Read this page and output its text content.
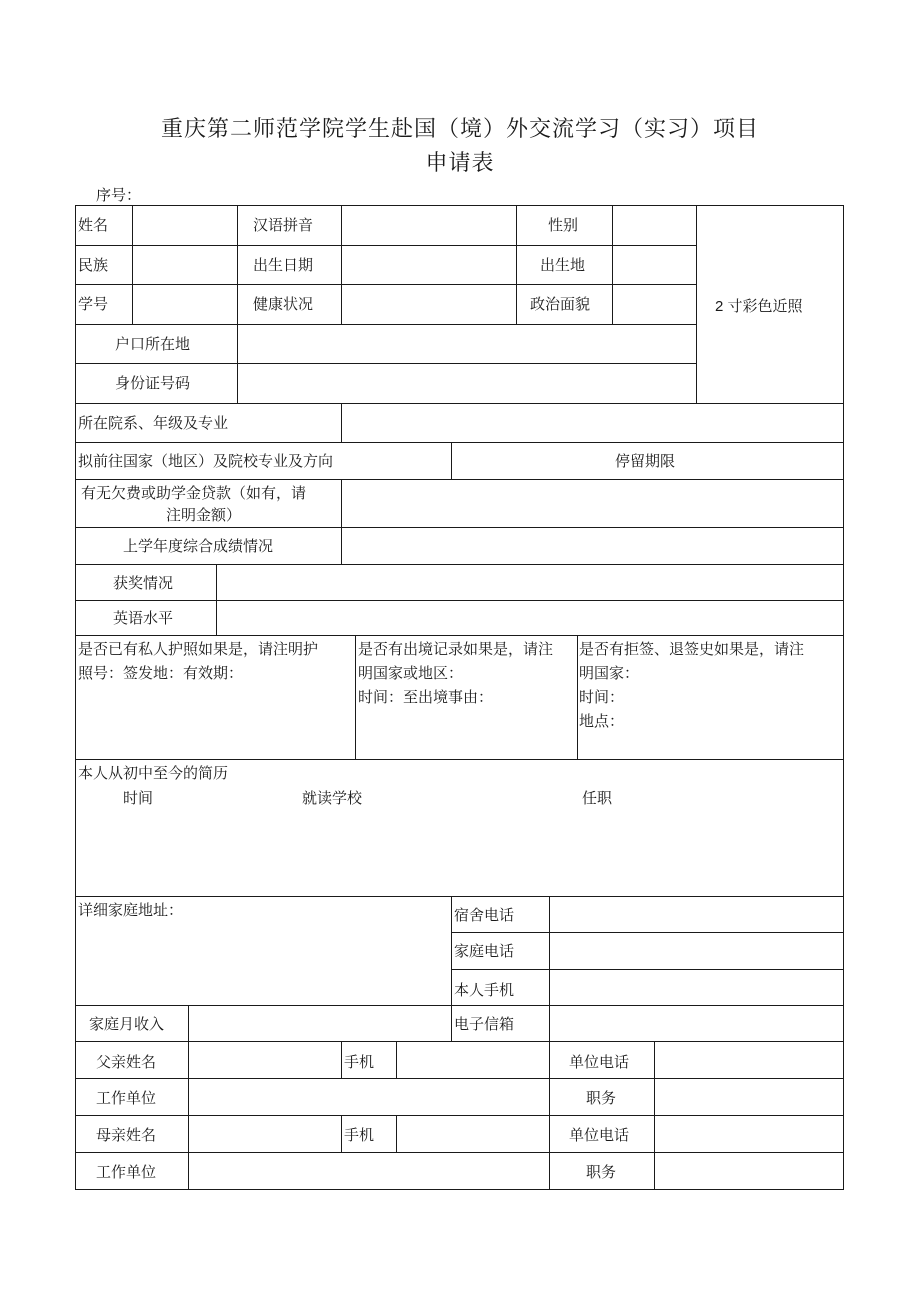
重庆第二师范学院学生赴国（境）外交流学习（实习）项目
申请表
序号：
姓名	汉语拼音	性别
民族	出生日期	出生地
学号	健康状况	政治面貌	2 寸彩色近照
户口所在地
身份证号码
所在院系、年级及专业
拟前往国家（地区）及院校专业及方向	停留期限
有无欠费或助学金贷款（如有，请
注明金额）
上学年度综合成绩情况
获奖情况
英语水平
是否已有私人护照如果是，请注明护
照号：签发地：有效期：
是否有出境记录如果是，请注
明国家或地区：
时间：至出境事由：
是否有拒签、退签史如果是，请注
明国家：
时间：
地点：
本人从初中至今的简历
时间	就读学校	任职
详细家庭地址：	宿舍电话
家庭电话
本人手机
家庭月收入	电子信箱
父亲姓名	手机	单位电话
工作单位	职务
母亲姓名	手机	单位电话
工作单位	职务
